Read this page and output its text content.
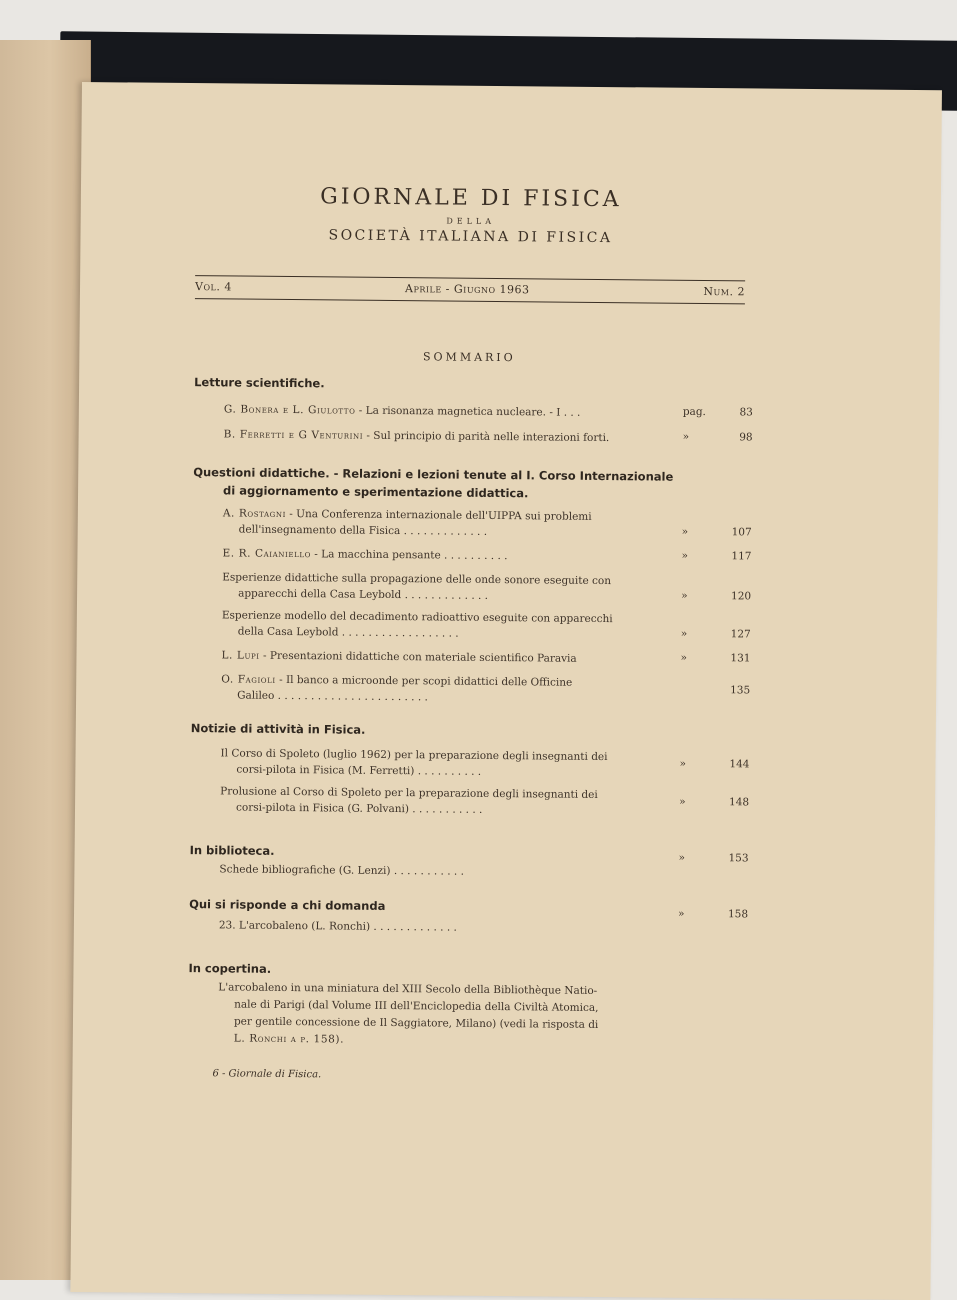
GIORNALE DI FISICA
DELLA
SOCIETÀ ITALIANA DI FISICA
Vol. 4	Aprile - Giugno 1963	Num. 2
SOMMARIO
Letture scientifiche.
G. Bonera e L. Giulotto - La risonanza magnetica nucleare. - I . . .	pag.	83
B. Ferretti e G Venturini - Sul principio di parità nelle interazioni forti.	»	98
Questioni didattiche. - Relazioni e lezioni tenute al I. Corso Internazionale
di aggiornamento e sperimentazione didattica.
A. Rostagni - Una Conferenza internazionale dell'UIPPA sui problemi
dell'insegnamento della Fisica . . . . . . . . . . . . .	»	107
E. R. Caianiello - La macchina pensante . . . . . . . . . .	»	117
Esperienze didattiche sulla propagazione delle onde sonore eseguite con
apparecchi della Casa Leybold . . . . . . . . . . . . .	»	120
Esperienze modello del decadimento radioattivo eseguite con apparecchi
della Casa Leybold . . . . . . . . . . . . . . . . . .	»	127
L. Lupi - Presentazioni didattiche con materiale scientifico Paravia	»	131
O. Fagioli - Il banco a microonde per scopi didattici delle Officine
Galileo . . . . . . . . . . . . . . . . . . . . . . .	135
Notizie di attività in Fisica.
Il Corso di Spoleto (luglio 1962) per la preparazione degli insegnanti dei
corsi-pilota in Fisica (M. Ferretti) . . . . . . . . . .	»	144
Prolusione al Corso di Spoleto per la preparazione degli insegnanti dei
corsi-pilota in Fisica (G. Polvani) . . . . . . . . . . .	»	148
In biblioteca.
Schede bibliografiche (G. Lenzi) . . . . . . . . . . .
»	153
Qui si risponde a chi domanda
23. L'arcobaleno (L. Ronchi) . . . . . . . . . . . . .
»	158
In copertina.
L'arcobaleno in una miniatura del XIII Secolo della Bibliothèque Natio-
nale di Parigi (dal Volume III dell'Enciclopedia della Civiltà Atomica,
per gentile concessione de Il Saggiatore, Milano) (vedi la risposta di
L. Ronchi a p. 158).
6 - Giornale di Fisica.
